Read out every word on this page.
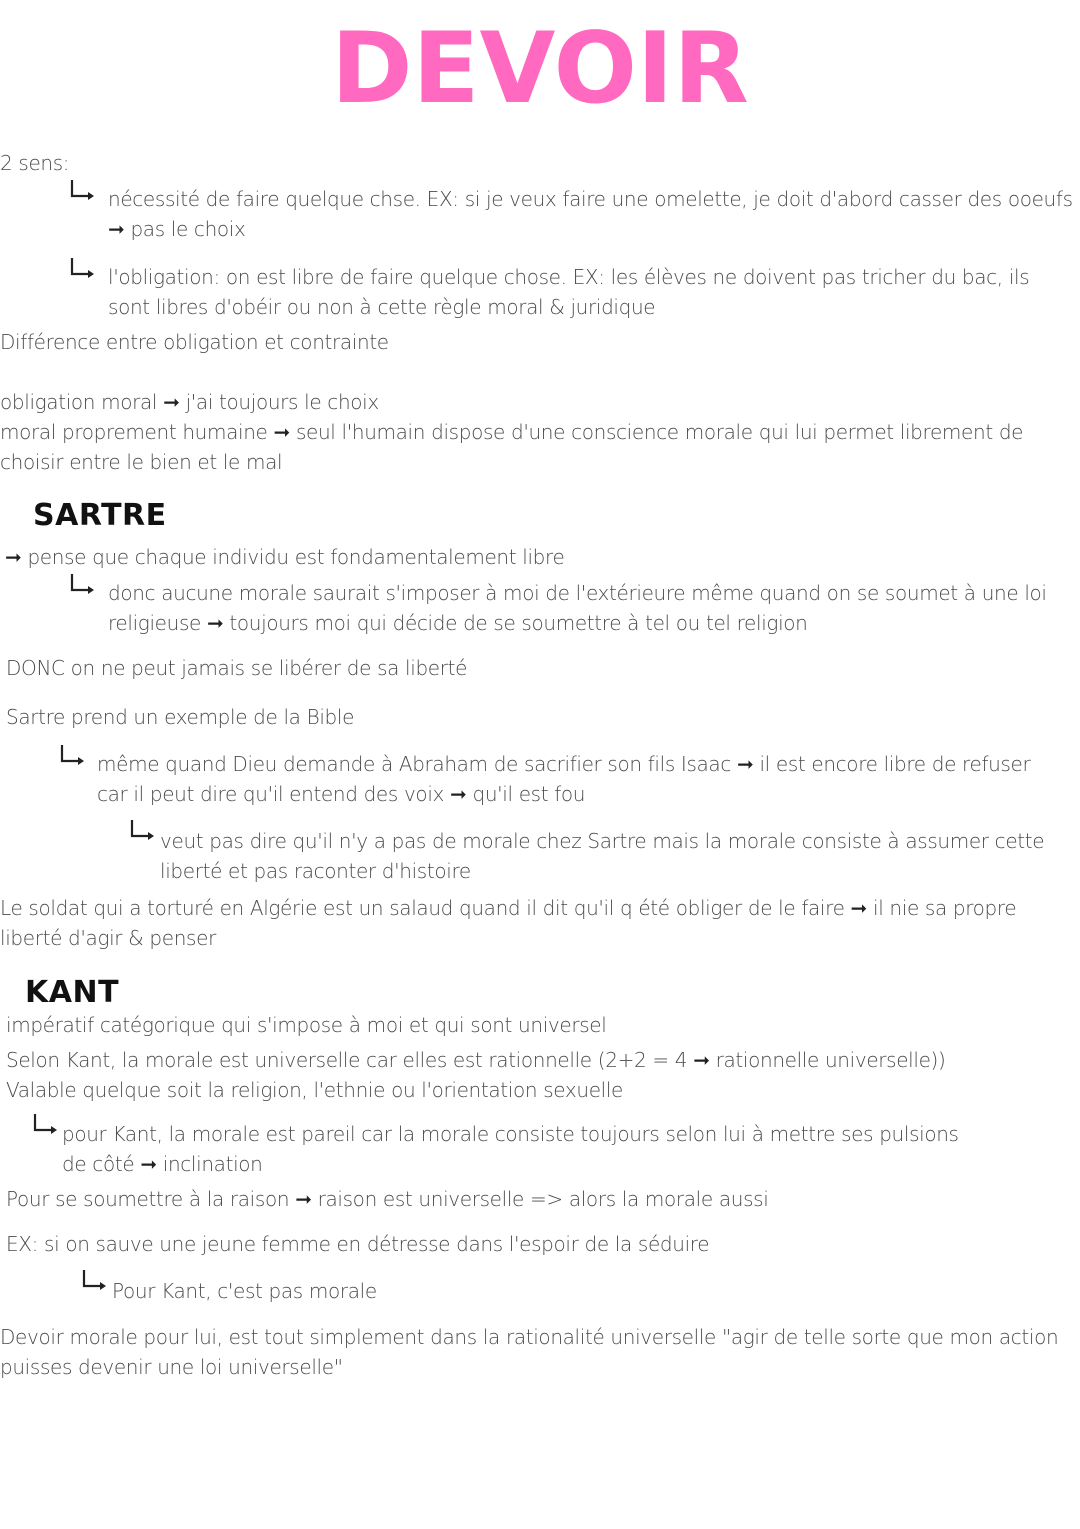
DEVOIR
2 sens:
nécessité de faire quelque chse. EX: si je veux faire une omelette, je doit d'abord casser des ooeufs
➞ pas le choix
l'obligation: on est libre de faire quelque chose. EX: les élèves ne doivent pas tricher du bac, ils
sont libres d'obéir ou non à cette règle moral & juridique
Différence entre obligation et contrainte
obligation moral ➞ j'ai toujours le choix
moral proprement humaine ➞ seul l'humain dispose d'une conscience morale qui lui permet librement de
choisir entre le bien et le mal
SARTRE
➞ pense que chaque individu est fondamentalement libre
donc aucune morale saurait s'imposer à moi de l'extérieure même quand on se soumet à une loi
religieuse ➞ toujours moi qui décide de se soumettre à tel ou tel religion
DONC on ne peut jamais se libérer de sa liberté
Sartre prend un exemple de la Bible
même quand Dieu demande à Abraham de sacrifier son fils Isaac ➞ il est encore libre de refuser
car il peut dire qu'il entend des voix ➞ qu'il est fou
veut pas dire qu'il n'y a pas de morale chez Sartre mais la morale consiste à assumer cette
liberté et pas raconter d'histoire
Le soldat qui a torturé en Algérie est un salaud quand il dit qu'il q été obliger de le faire ➞ il nie sa propre
liberté d'agir & penser
KANT
impératif catégorique qui s'impose à moi et qui sont universel
Selon Kant, la morale est universelle car elles est rationnelle (2+2 = 4 ➞ rationnelle universelle))
Valable quelque soit la religion, l'ethnie ou l'orientation sexuelle
pour Kant, la morale est pareil car la morale consiste toujours selon lui à mettre ses pulsions
de côté ➞ inclination
Pour se soumettre à la raison ➞ raison est universelle => alors la morale aussi
EX: si on sauve une jeune femme en détresse dans l'espoir de la séduire
Pour Kant, c'est pas morale
Devoir morale pour lui, est tout simplement dans la rationalité universelle "agir de telle sorte que mon action
puisses devenir une loi universelle"
